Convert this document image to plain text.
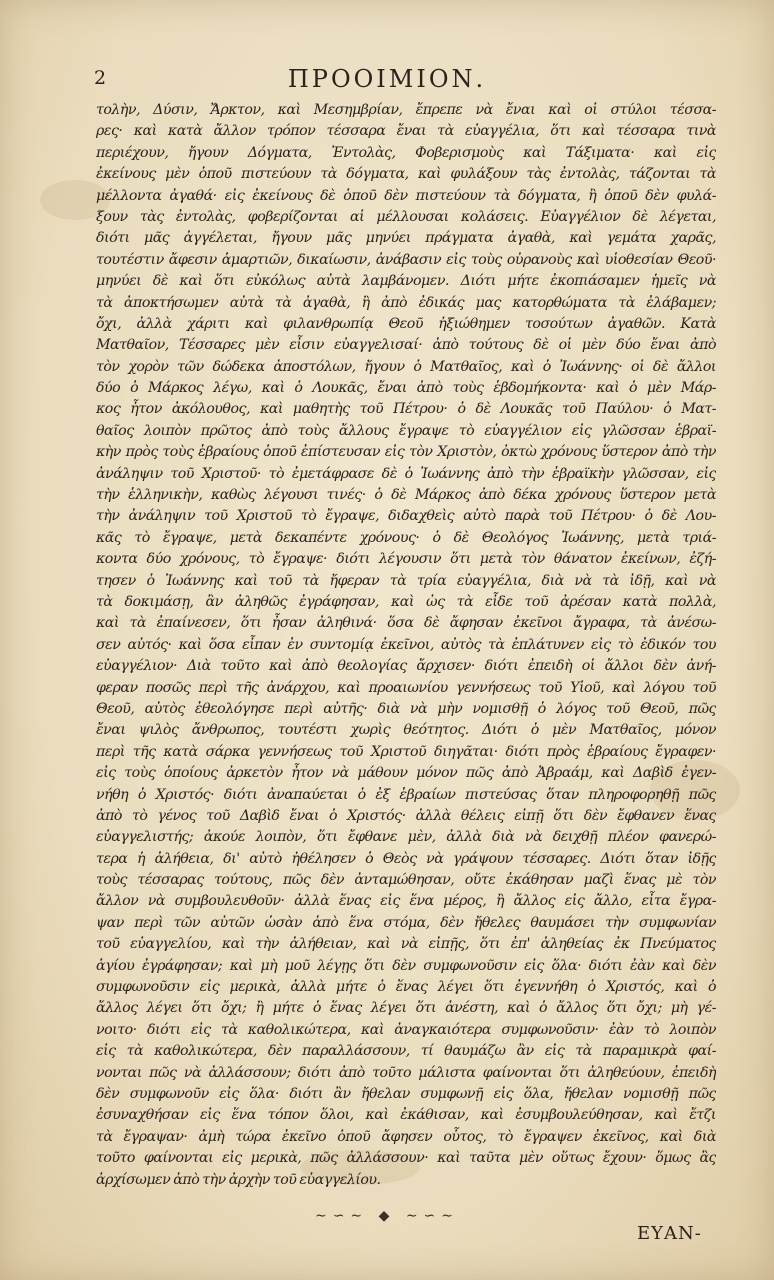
2	ΠΡΟΟΙΜΙΟΝ.
τολὴν, Δύσιν, Ἄρκτον, καὶ Μεσημβρίαν, ἔπρεπε νὰ ἔναι καὶ οἱ στύλοι τέσσα-
ρες· καὶ κατὰ ἄλλον τρόπον τέσσαρα ἔναι τὰ εὐαγγέλια, ὅτι καὶ τέσσαρα τινὰ
περιέχουν, ἤγουν Δόγματα, Ἐντολὰς, Φοβερισμοὺς καὶ Τάξιματα· καὶ εἰς
ἐκείνους μὲν ὁποῦ πιστεύουν τὰ δόγματα, καὶ φυλάξουν τὰς ἐντολὰς, τάζονται τὰ
μέλλοντα ἀγαθά· εἰς ἐκείνους δὲ ὁποῦ δὲν πιστεύουν τὰ δόγματα, ἢ ὁποῦ δὲν φυλά-
ξουν τὰς ἐντολὰς, φοβερίζονται αἱ μέλλουσαι κολάσεις. Εὐαγγέλιον δὲ λέγεται,
διότι μᾶς ἀγγέλεται, ἤγουν μᾶς μηνύει πράγματα ἀγαθὰ, καὶ γεμάτα χαρᾶς,
τουτέστιν ἄφεσιν ἁμαρτιῶν, δικαίωσιν, ἀνάβασιν εἰς τοὺς οὐρανοὺς καὶ υἱοθεσίαν Θεοῦ·
μηνύει δὲ καὶ ὅτι εὐκόλως αὐτὰ λαμβάνομεν. Διότι μήτε ἐκοπιάσαμεν ἡμεῖς νὰ
τὰ ἀποκτήσωμεν αὐτὰ τὰ ἀγαθὰ, ἢ ἀπὸ ἐδικάς μας κατορθώματα τὰ ἐλάβαμεν;
ὄχι, ἀλλὰ χάριτι καὶ φιλανθρωπίᾳ Θεοῦ ἠξιώθημεν τοσούτων ἀγαθῶν. Κατὰ
Ματθαῖον, Τέσσαρες μὲν εἶσιν εὐαγγελισαί· ἀπὸ τούτους δὲ οἱ μὲν δύο ἔναι ἀπὸ
τὸν χορὸν τῶν δώδεκα ἀποστόλων, ἤγουν ὁ Ματθαῖος, καὶ ὁ Ἰωάννης· οἱ δὲ ἄλλοι
δύο ὁ Μάρκος λέγω, καὶ ὁ Λουκᾶς, ἔναι ἀπὸ τοὺς ἑβδομήκοντα· καὶ ὁ μὲν Μάρ-
κος ἦτον ἀκόλουθος, καὶ μαθητὴς τοῦ Πέτρου· ὁ δὲ Λουκᾶς τοῦ Παύλου· ὁ Ματ-
θαῖος λοιπὸν πρῶτος ἀπὸ τοὺς ἄλλους ἔγραψε τὸ εὐαγγέλιον εἰς γλῶσσαν ἑβραϊ-
κὴν πρὸς τοὺς ἑβραίους ὁποῦ ἐπίστευσαν εἰς τὸν Χριστὸν, ὀκτὼ χρόνους ὕστερον ἀπὸ τὴν
ἀνάληψιν τοῦ Χριστοῦ· τὸ ἐμετάφρασε δὲ ὁ Ἰωάννης ἀπὸ τὴν ἑβραϊκὴν γλῶσσαν, εἰς
τὴν ἑλληνικὴν, καθὼς λέγουσι τινές· ὁ δὲ Μάρκος ἀπὸ δέκα χρόνους ὕστερον μετὰ
τὴν ἀνάληψιν τοῦ Χριστοῦ τὸ ἔγραψε, διδαχθεὶς αὐτὸ παρὰ τοῦ Πέτρου· ὁ δὲ Λου-
κᾶς τὸ ἔγραψε, μετὰ δεκαπέντε χρόνους· ὁ δὲ Θεολόγος Ἰωάννης, μετὰ τριά-
κοντα δύο χρόνους, τὸ ἔγραψε· διότι λέγουσιν ὅτι μετὰ τὸν θάνατον ἐκείνων, ἐζή-
τησεν ὁ Ἰωάννης καὶ τοῦ τὰ ἤφεραν τὰ τρία εὐαγγέλια, διὰ νὰ τὰ ἰδῇ, καὶ νὰ
τὰ δοκιμάσῃ, ἂν ἀληθῶς ἐγράφησαν, καὶ ὡς τὰ εἶδε τοῦ ἀρέσαν κατὰ πολλὰ,
καὶ τὰ ἐπαίνεσεν, ὅτι ἦσαν ἀληθινά· ὅσα δὲ ἄφησαν ἐκεῖνοι ἄγραφα, τὰ ἀνέσω-
σεν αὐτός· καὶ ὅσα εἶπαν ἐν συντομίᾳ ἐκεῖνοι, αὐτὸς τὰ ἐπλάτυνεν εἰς τὸ ἐδικόν του
εὐαγγέλιον· Διὰ τοῦτο καὶ ἀπὸ θεολογίας ἄρχισεν· διότι ἐπειδὴ οἱ ἄλλοι δὲν ἀνή-
φεραν ποσῶς περὶ τῆς ἀνάρχου, καὶ προαιωνίου γεννήσεως τοῦ Υἱοῦ, καὶ λόγου τοῦ
Θεοῦ, αὐτὸς ἐθεολόγησε περὶ αὐτῆς· διὰ νὰ μὴν νομισθῇ ὁ λόγος τοῦ Θεοῦ, πῶς
ἔναι ψιλὸς ἄνθρωπος, τουτέστι χωρὶς θεότητος. Διότι ὁ μὲν Ματθαῖος, μόνον
περὶ τῆς κατὰ σάρκα γεννήσεως τοῦ Χριστοῦ διηγᾶται· διότι πρὸς ἑβραίους ἔγραφεν·
εἰς τοὺς ὁποίους ἀρκετὸν ἦτον νὰ μάθουν μόνον πῶς ἀπὸ Ἀβραάμ, καὶ Δαβὶδ ἐγεν-
νήθη ὁ Χριστός· διότι ἀναπαύεται ὁ ἐξ ἑβραίων πιστεύσας ὅταν πληροφορηθῇ πῶς
ἀπὸ τὸ γένος τοῦ Δαβὶδ ἔναι ὁ Χριστός· ἀλλὰ θέλεις εἰπῇ ὅτι δὲν ἔφθανεν ἕνας
εὐαγγελιστής; ἀκούε λοιπὸν, ὅτι ἔφθανε μὲν, ἀλλὰ διὰ νὰ δειχθῇ πλέον φανερώ-
τερα ἡ ἀλήθεια, δι' αὐτὸ ἠθέλησεν ὁ Θεὸς νὰ γράψουν τέσσαρες. Διότι ὅταν ἰδῇς
τοὺς τέσσαρας τούτους, πῶς δὲν ἀνταμώθησαν, οὔτε ἐκάθησαν μαζὶ ἕνας μὲ τὸν
ἄλλον νὰ συμβουλευθοῦν· ἀλλὰ ἕνας εἰς ἕνα μέρος, ἢ ἄλλος εἰς ἄλλο, εἶτα ἔγρα-
ψαν περὶ τῶν αὐτῶν ὡσὰν ἀπὸ ἕνα στόμα, δὲν ἤθελες θαυμάσει τὴν συμφωνίαν
τοῦ εὐαγγελίου, καὶ τὴν ἀλήθειαν, καὶ νὰ εἰπῇς, ὅτι ἐπ' ἀληθείας ἐκ Πνεύματος
ἁγίου ἐγράφησαν; καὶ μὴ μοῦ λέγῃς ὅτι δὲν συμφωνοῦσιν εἰς ὅλα· διότι ἐὰν καὶ δὲν
συμφωνοῦσιν εἰς μερικὰ, ἀλλὰ μήτε ὁ ἕνας λέγει ὅτι ἐγεννήθη ὁ Χριστός, καὶ ὁ
ἄλλος λέγει ὅτι ὄχι; ἢ μήτε ὁ ἕνας λέγει ὅτι ἀνέστη, καὶ ὁ ἄλλος ὅτι ὄχι; μὴ γέ-
νοιτο· διότι εἰς τὰ καθολικώτερα, καὶ ἀναγκαιότερα συμφωνοῦσιν· ἐὰν τὸ λοιπὸν
εἰς τὰ καθολικώτερα, δὲν παραλλάσσουν, τί θαυμάζω ἂν εἰς τὰ παραμικρὰ φαί-
νονται πῶς νὰ ἀλλάσσουν; διότι ἀπὸ τοῦτο μάλιστα φαίνονται ὅτι ἀληθεύουν, ἐπειδὴ
δὲν συμφωνοῦν εἰς ὅλα· διότι ἂν ἤθελαν συμφωνῇ εἰς ὅλα, ἤθελαν νομισθῇ πῶς
ἐσυναχθήσαν εἰς ἕνα τόπον ὅλοι, καὶ ἐκάθισαν, καὶ ἐσυμβουλεύθησαν, καὶ ἔτζι
τὰ ἔγραψαν· ἀμὴ τώρα ἐκεῖνο ὁποῦ ἄφησεν οὗτος, τὸ ἔγραψεν ἐκεῖνος, καὶ διὰ
τοῦτο φαίνονται εἰς μερικὰ, πῶς ἀλλάσσουν· καὶ ταῦτα μὲν οὕτως ἔχουν· ὅμως ἂς
ἀρχίσωμεν ἀπὸ τὴν ἀρχὴν τοῦ εὐαγγελίου.
∼∽∼ ◆ ∼∽∼
ΕΥΑΝ-
